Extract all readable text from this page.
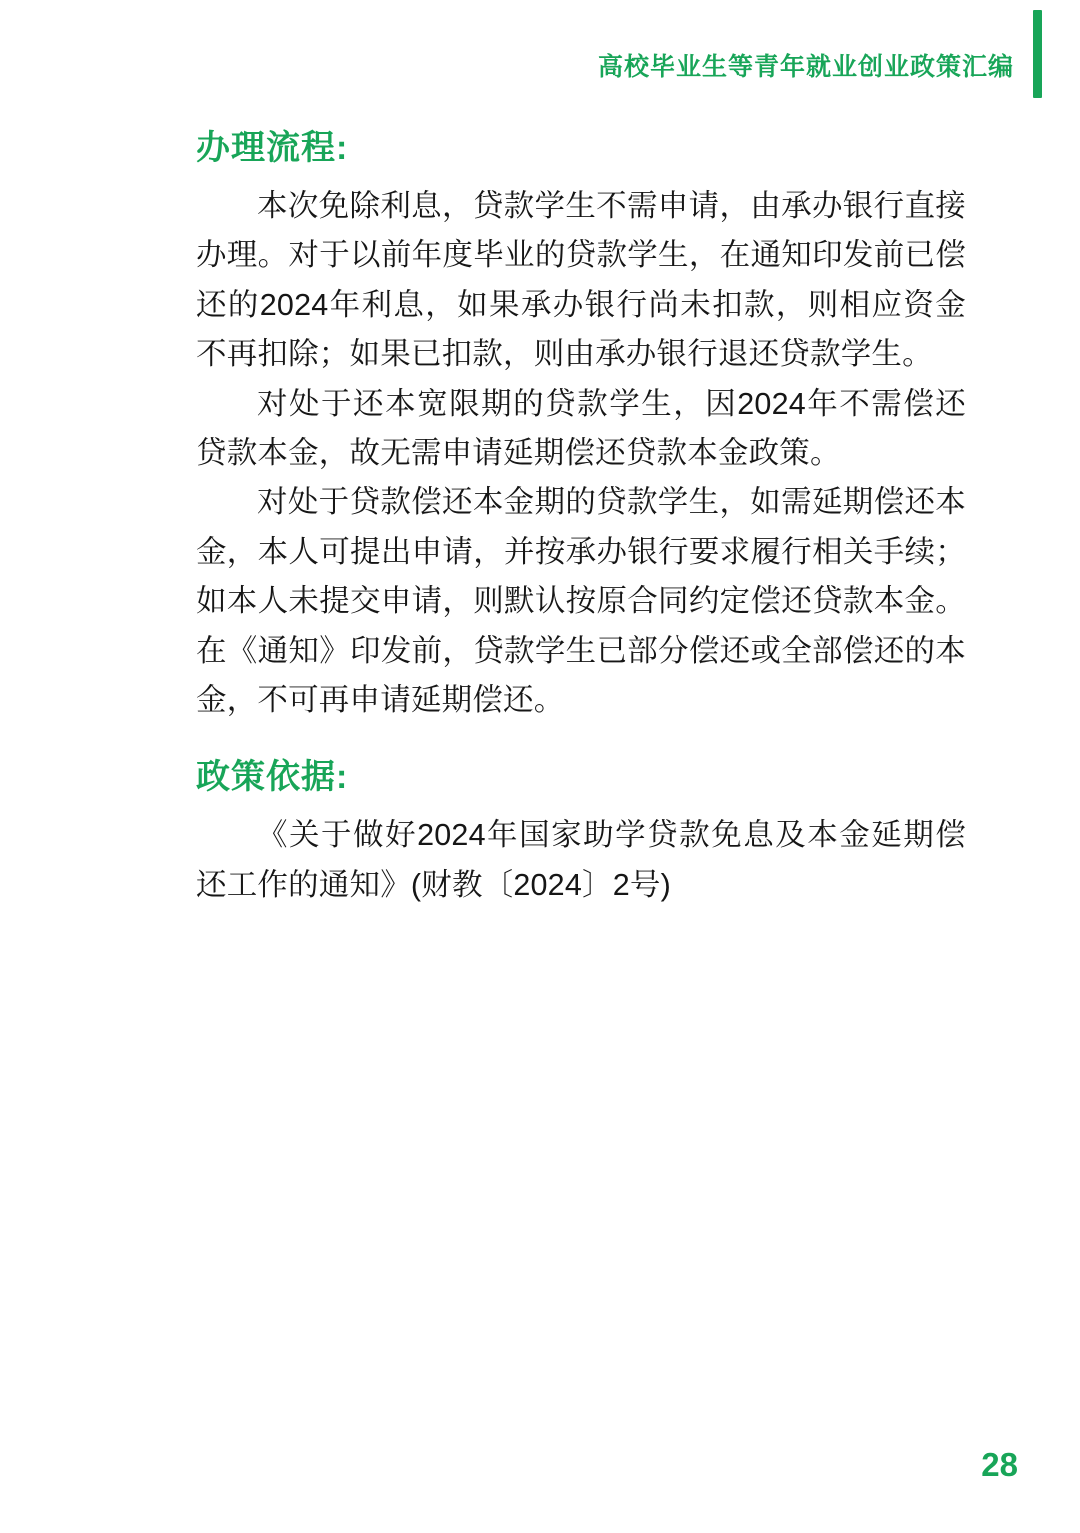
高校毕业生等青年就业创业政策汇编
办理流程:

本次免除利息，贷款学生不需申请，由承办银行直接办理。对于以前年度毕业的贷款学生，在通知印发前已偿还的2024年利息，如果承办银行尚未扣款，则相应资金不再扣除；如果已扣款，则由承办银行退还贷款学生。

对处于还本宽限期的贷款学生，因2024年不需偿还贷款本金，故无需申请延期偿还贷款本金政策。

对处于贷款偿还本金期的贷款学生，如需延期偿还本金，本人可提出申请，并按承办银行要求履行相关手续；如本人未提交申请，则默认按原合同约定偿还贷款本金。在《通知》印发前，贷款学生已部分偿还或全部偿还的本金，不可再申请延期偿还。

政策依据:

《关于做好2024年国家助学贷款免息及本金延期偿还工作的通知》(财教〔2024〕2号)

28
